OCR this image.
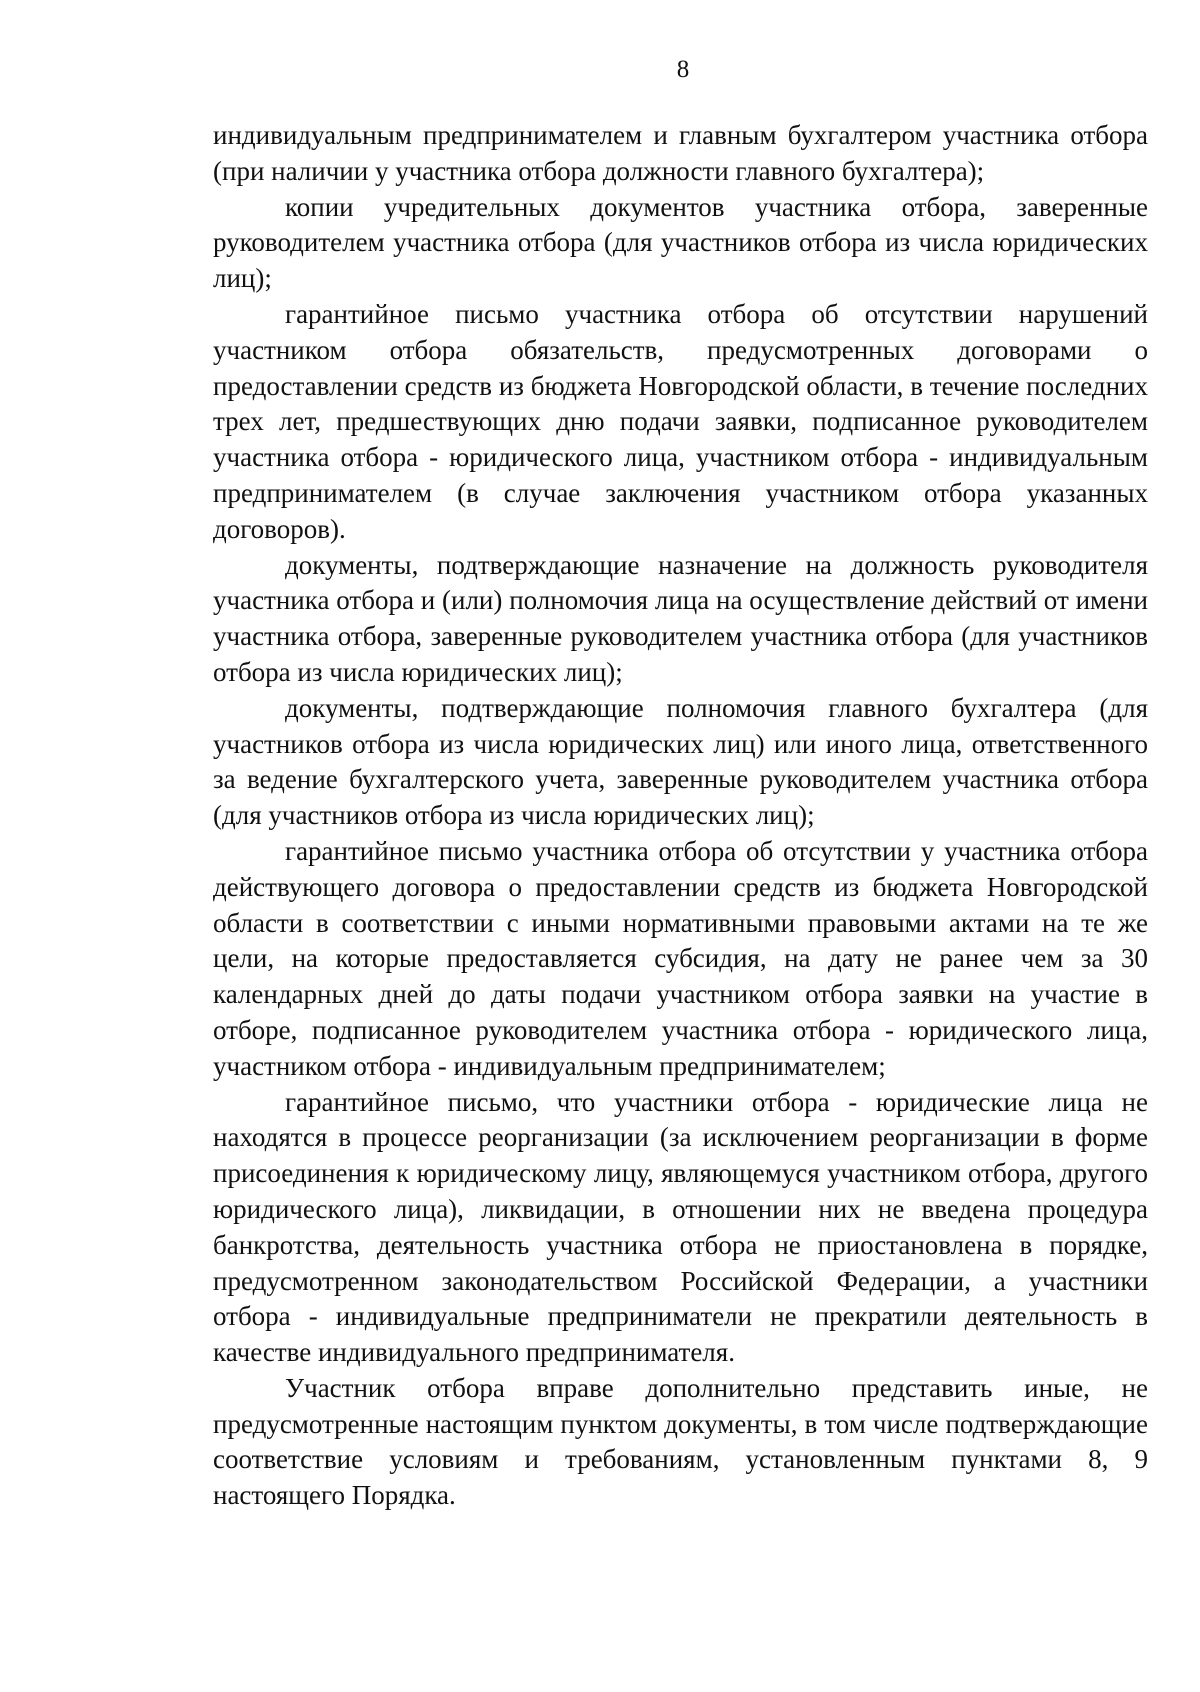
8

индивидуальным предпринимателем и главным бухгалтером участника отбора (при наличии у участника отбора должности главного бухгалтера);

копии учредительных документов участника отбора, заверенные руководителем участника отбора (для участников отбора из числа юридических лиц);

гарантийное письмо участника отбора об отсутствии нарушений участником отбора обязательств, предусмотренных договорами о предоставлении средств из бюджета Новгородской области, в течение последних трех лет, предшествующих дню подачи заявки, подписанное руководителем участника отбора - юридического лица, участником отбора - индивидуальным предпринимателем (в случае заключения участником отбора указанных договоров).

документы, подтверждающие назначение на должность руководителя участника отбора и (или) полномочия лица на осуществление действий от имени участника отбора, заверенные руководителем участника отбора (для участников отбора из числа юридических лиц);

документы, подтверждающие полномочия главного бухгалтера (для участников отбора из числа юридических лиц) или иного лица, ответственного за ведение бухгалтерского учета, заверенные руководителем участника отбора (для участников отбора из числа юридических лиц);

гарантийное письмо участника отбора об отсутствии у участника отбора действующего договора о предоставлении средств из бюджета Новгородской области в соответствии с иными нормативными правовыми актами на те же цели, на которые предоставляется субсидия, на дату не ранее чем за 30 календарных дней до даты подачи участником отбора заявки на участие в отборе, подписанное руководителем участника отбора - юридического лица, участником отбора - индивидуальным предпринимателем;

гарантийное письмо, что участники отбора - юридические лица не находятся в процессе реорганизации (за исключением реорганизации в форме присоединения к юридическому лицу, являющемуся участником отбора, другого юридического лица), ликвидации, в отношении них не введена процедура банкротства, деятельность участника отбора не приостановлена в порядке, предусмотренном законодательством Российской Федерации, а участники отбора - индивидуальные предприниматели не прекратили деятельность в качестве индивидуального предпринимателя.

Участник отбора вправе дополнительно представить иные, не предусмотренные настоящим пунктом документы, в том числе подтверждающие соответствие условиям и требованиям, установленным пунктами 8, 9 настоящего Порядка.
